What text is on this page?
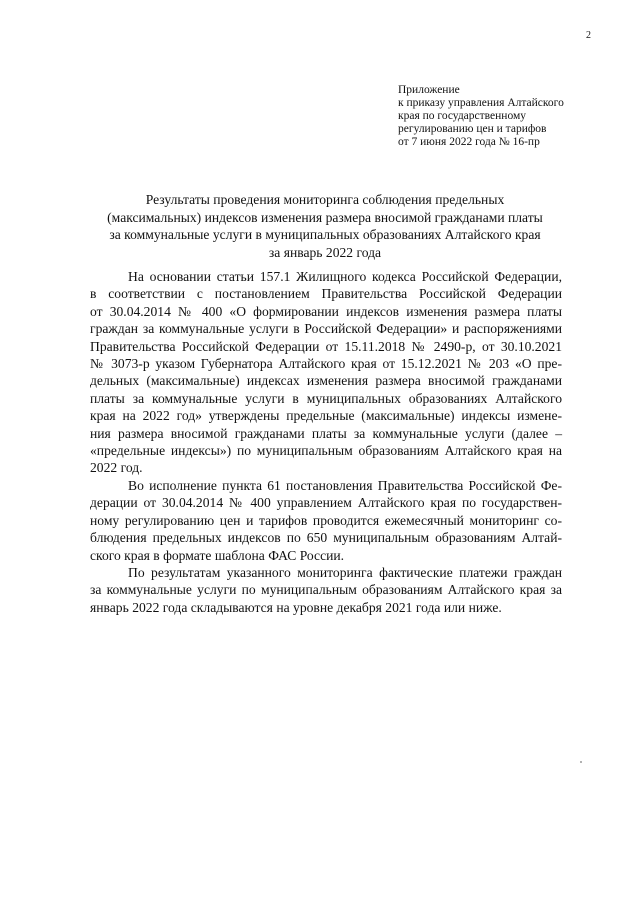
2
Приложение
к приказу управления Алтайского
края по государственному
регулированию цен и тарифов
от 7 июня 2022 года № 16-пр
Результаты проведения мониторинга соблюдения предельных
(максимальных) индексов изменения размера вносимой гражданами платы
за коммунальные услуги в муниципальных образованиях Алтайского края
за январь 2022 года
На основании статьи 157.1 Жилищного кодекса Российской Федерации,
в соответствии с постановлением Правительства Российской Федерации
от 30.04.2014 № 400 «О формировании индексов изменения размера платы
граждан за коммунальные услуги в Российской Федерации» и распоряжениями
Правительства Российской Федерации от 15.11.2018 № 2490-р, от 30.10.2021
№ 3073-р указом Губернатора Алтайского края от 15.12.2021 № 203 «О пре-
дельных (максимальные) индексах изменения размера вносимой гражданами
платы за коммунальные услуги в муниципальных образованиях Алтайского
края на 2022 год» утверждены предельные (максимальные) индексы измене-
ния размера вносимой гражданами платы за коммунальные услуги (далее –
«предельные индексы») по муниципальным образованиям Алтайского края на
2022 год.
Во исполнение пункта 61 постановления Правительства Российской Фе-
дерации от 30.04.2014 № 400 управлением Алтайского края по государствен-
ному регулированию цен и тарифов проводится ежемесячный мониторинг со-
блюдения предельных индексов по 650 муниципальным образованиям Алтай-
ского края в формате шаблона ФАС России.
По результатам указанного мониторинга фактические платежи граждан
за коммунальные услуги по муниципальным образованиям Алтайского края за
январь 2022 года складываются на уровне декабря 2021 года или ниже.
